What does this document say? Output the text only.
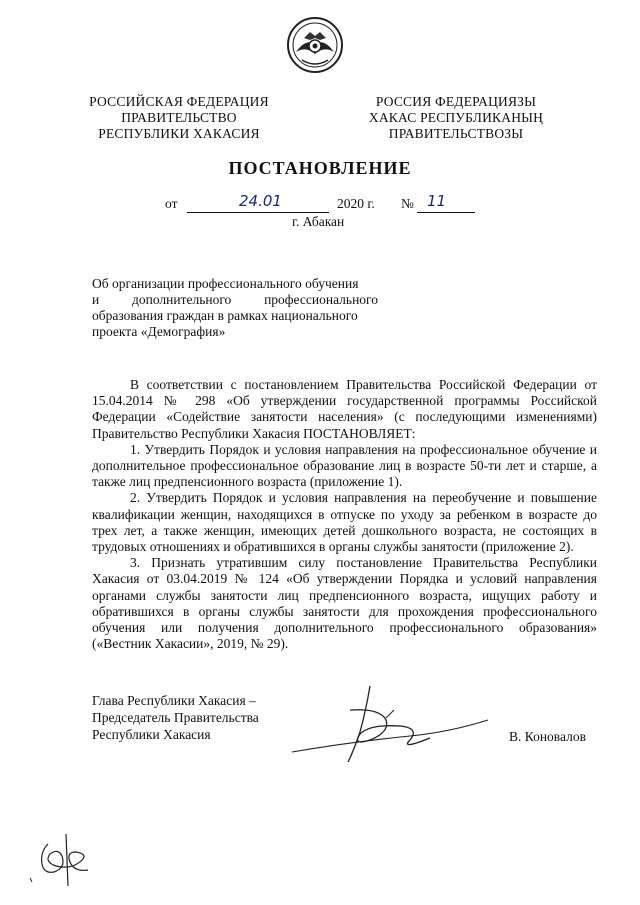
РОССИЙСКАЯ ФЕДЕРАЦИЯ
ПРАВИТЕЛЬСТВО
РЕСПУБЛИКИ ХАКАСИЯ
РОССИЯ ФЕДЕРАЦИЯЗЫ
ХАКАС РЕСПУБЛИКАНЫҢ
ПРАВИТЕЛЬСТВОЗЫ
ПОСТАНОВЛЕНИЕ
от	24.01	2020 г. № 11
г. Абакан

Об организации профессионального обучения

и дополнительного профессионального

образования граждан в рамках национального

проекта «Демография»

В соответствии с постановлением Правительства Российской Федерации от 15.04.2014 № 298 «Об утверждении государственной программы Российской Федерации «Содействие занятости населения» (с последующими изменениями) Правительство Республики Хакасия ПОСТАНОВЛЯЕТ:

1. Утвердить Порядок и условия направления на профессиональное обучение и дополнительное профессиональное образование лиц в возрасте 50-ти лет и старше, а также лиц предпенсионного возраста (приложение 1).

2. Утвердить Порядок и условия направления на переобучение и повышение квалификации женщин, находящихся в отпуске по уходу за ребенком в возрасте до трех лет, а также женщин, имеющих детей дошкольного возраста, не состоящих в трудовых отношениях и обратившихся в органы службы занятости (приложение 2).

3. Признать утратившим силу постановление Правительства Республики Хакасия от 03.04.2019 № 124 «Об утверждении Порядка и условий направления органами службы занятости лиц предпенсионного возраста, ищущих работу и обратившихся в органы службы занятости для прохождения профессионального обучения или получения дополнительного профессионального образования» («Вестник Хакасии», 2019, № 29).

Глава Республики Хакасия –
Председатель Правительства
Республики Хакасия	В. Коновалов
